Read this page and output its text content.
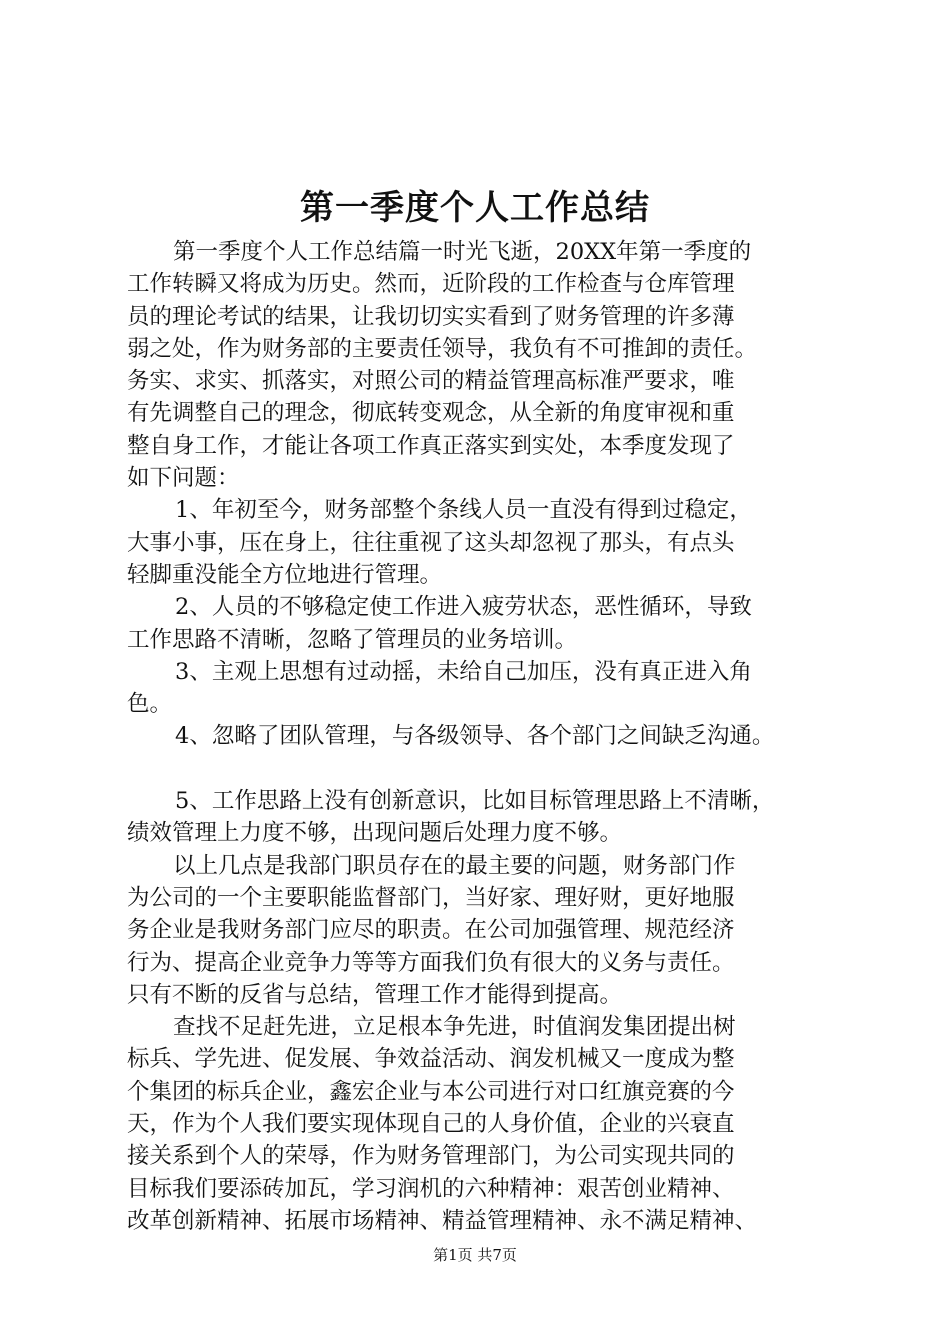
第一季度个人工作总结
第一季度个人工作总结篇一时光飞逝，20XX年第一季度的
工作转瞬又将成为历史。然而，近阶段的工作检查与仓库管理
员的理论考试的结果，让我切切实实看到了财务管理的许多薄
弱之处，作为财务部的主要责任领导，我负有不可推卸的责任。
务实、求实、抓落实，对照公司的精益管理高标准严要求，唯
有先调整自己的理念，彻底转变观念，从全新的角度审视和重
整自身工作，才能让各项工作真正落实到实处，本季度发现了
如下问题：
1、年初至今，财务部整个条线人员一直没有得到过稳定，
大事小事，压在身上，往往重视了这头却忽视了那头，有点头
轻脚重没能全方位地进行管理。
2、人员的不够稳定使工作进入疲劳状态，恶性循环，导致
工作思路不清晰，忽略了管理员的业务培训。
3、主观上思想有过动摇，未给自己加压，没有真正进入角
色。
4、忽略了团队管理，与各级领导、各个部门之间缺乏沟通。
5、工作思路上没有创新意识，比如目标管理思路上不清晰，
绩效管理上力度不够，出现问题后处理力度不够。
以上几点是我部门职员存在的最主要的问题，财务部门作
为公司的一个主要职能监督部门，当好家、理好财，更好地服
务企业是我财务部门应尽的职责。在公司加强管理、规范经济
行为、提高企业竞争力等等方面我们负有很大的义务与责任。
只有不断的反省与总结，管理工作才能得到提高。
查找不足赶先进，立足根本争先进，时值润发集团提出树
标兵、学先进、促发展、争效益活动、润发机械又一度成为整
个集团的标兵企业，鑫宏企业与本公司进行对口红旗竞赛的今
天，作为个人我们要实现体现自己的人身价值，企业的兴衰直
接关系到个人的荣辱，作为财务管理部门，为公司实现共同的
目标我们要添砖加瓦，学习润机的六种精神：艰苦创业精神、
改革创新精神、拓展市场精神、精益管理精神、永不满足精神、
第1页 共7页
